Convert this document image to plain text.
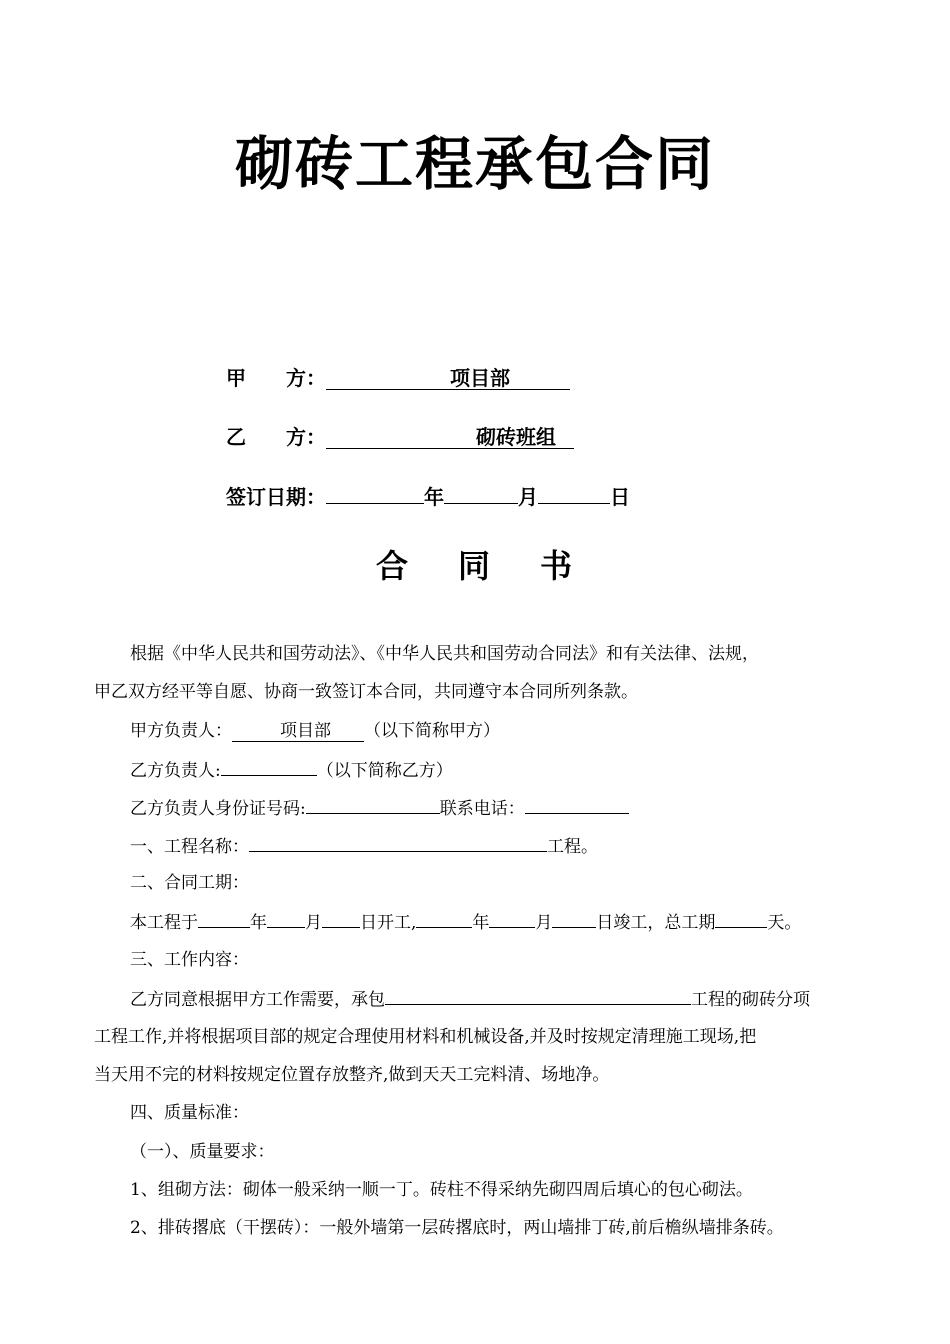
砌砖工程承包合同
甲　　方：	项目部
乙　　方：	砌砖班组
签订日期：	年	月	日
合 同 书
根据《中华人民共和国劳动法》、《中华人民共和国劳动合同法》和有关法律、法规，
甲乙双方经平等自愿、协商一致签订本合同，共同遵守本合同所列条款。
甲方负责人：	项目部 （以下简称甲方）
乙方负责人:	（以下简称乙方）
乙方负责人身份证号码:	联系电话：
一、工程名称：	工程。
二、合同工期：
本工程于	年 月 日开工,	年	月	日竣工，总工期	天。
三、工作内容：
乙方同意根据甲方工作需要，承包	工程的砌砖分项
工程工作,并将根据项目部的规定合理使用材料和机械设备,并及时按规定清理施工现场,把
当天用不完的材料按规定位置存放整齐,做到天天工完料清、场地净。
四、质量标准：
（一）、质量要求：
1、组砌方法：砌体一般采纳一顺一丁。砖柱不得采纳先砌四周后填心的包心砌法。
2、排砖撂底（干摆砖）：一般外墙第一层砖撂底时，两山墙排丁砖,前后檐纵墙排条砖。
